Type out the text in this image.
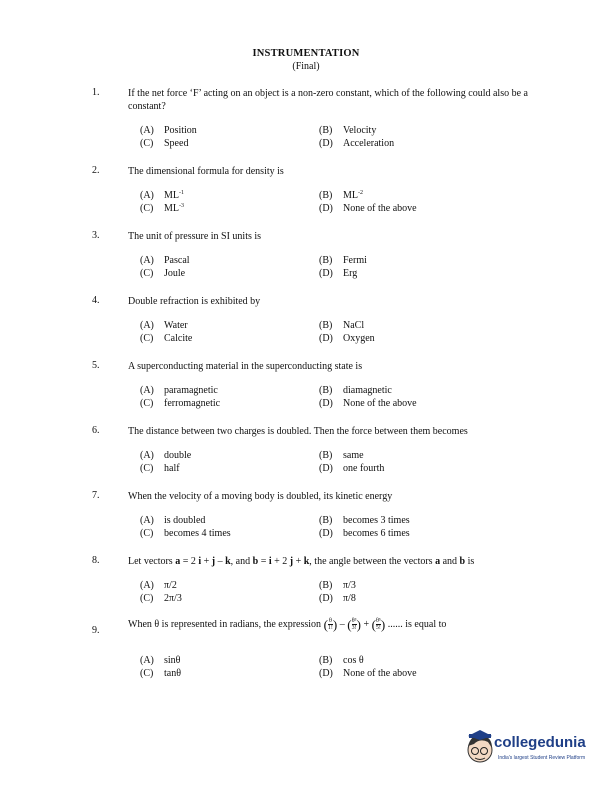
INSTRUMENTATION
(Final)
1.	If the net force ‘F’ acting on an object is a non-zero constant, which of the following could also be a constant?
(A) Position	(B) Velocity
(C) Speed	(D) Acceleration
2.	The dimensional formula for density is
(A) $ML^{-1}$	(B) $ML^{-2}$
(C) $ML^{-3}$	(D) None of the above
3.	The unit of pressure in SI units is
(A) Pascal	(B) Fermi
(C) Joule	(D) Erg
4.	Double refraction is exhibited by
(A) Water	(B) NaCl
(C) Calcite	(D) Oxygen
5.	A superconducting material in the superconducting state is
(A) paramagnetic	(B) diamagnetic
(C) ferromagnetic	(D) None of the above
6.	The distance between two charges is doubled. Then the force between them becomes
(A) double	(B) same
(C) half	(D) one fourth
7.	When the velocity of a moving body is doubled, its kinetic energy
(A) is doubled	(B) becomes 3 times
(C) becomes 4 times	(D) becomes 6 times
8.	Let vectors a = 2 i + j – k, and b = i + 2 j + k, the angle between the vectors a and b is
(A) π/2	(B) π/3
(C) 2π/3	(D) π/8
9.
When θ is represented in radians, the expression ( $\frac{\theta}{1!}$ ) – ( $\frac{\text{θ³}}{3!}$ ) + ( $\frac{\text{θ⁵}}{5!}$ ) ...... is equal to
(A) sinθ	(B) cos θ
(C) tanθ	(D) None of the above
collegedunia
India's largest Student Review Platform
